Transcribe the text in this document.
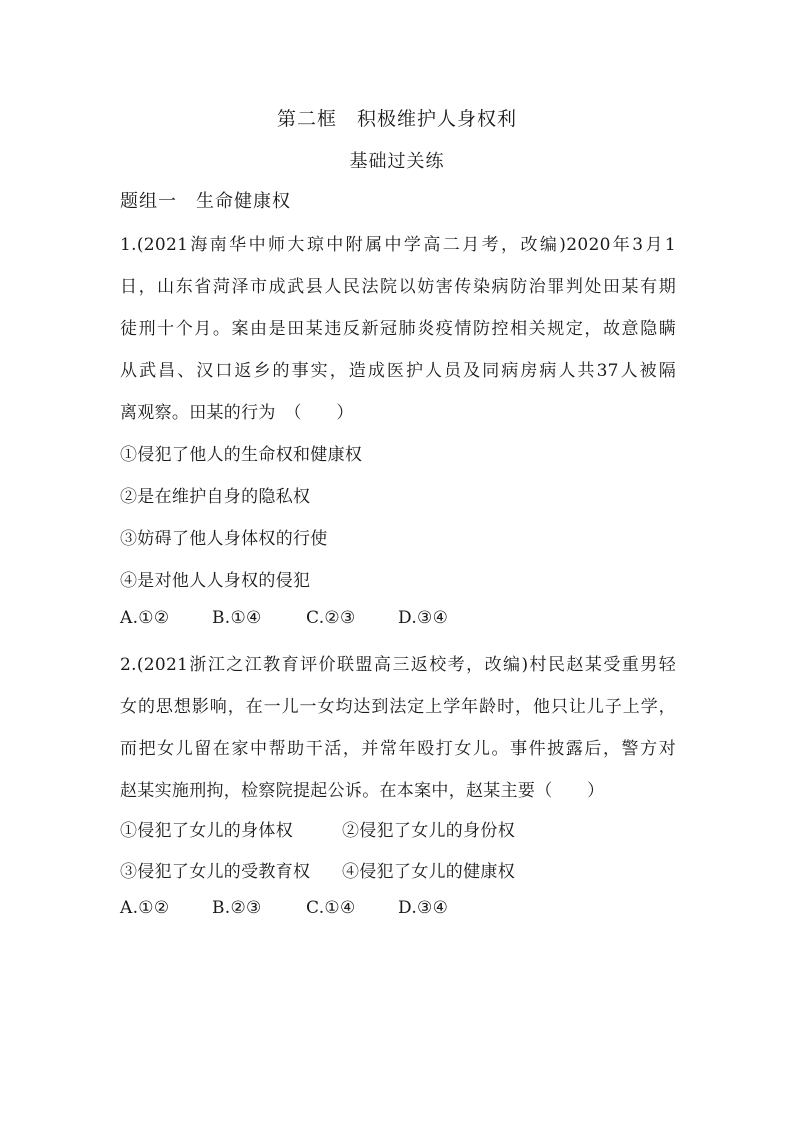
第二框　积极维护人身权利
基础过关练
题组一　生命健康权
1.(2021海南华中师大琼中附属中学高二月考，改编)2020年3月1
日，山东省菏泽市成武县人民法院以妨害传染病防治罪判处田某有期
徒刑十个月。案由是田某违反新冠肺炎疫情防控相关规定，故意隐瞒
从武昌、汉口返乡的事实，造成医护人员及同病房病人共37人被隔
离观察。田某的行为　（　　）
①侵犯了他人的生命权和健康权
②是在维护自身的隐私权
③妨碍了他人身体权的行使
④是对他人人身权的侵犯
A.①②	B.①④	C.②③	D.③④
2.(2021浙江之江教育评价联盟高三返校考，改编)村民赵某受重男轻
女的思想影响，在一儿一女均达到法定上学年龄时，他只让儿子上学，
而把女儿留在家中帮助干活，并常年殴打女儿。事件披露后，警方对
赵某实施刑拘，检察院提起公诉。在本案中，赵某主要（　　）
①侵犯了女儿的身体权	②侵犯了女儿的身份权
③侵犯了女儿的受教育权 ④侵犯了女儿的健康权
A.①②	B.②③	C.①④	D.③④
